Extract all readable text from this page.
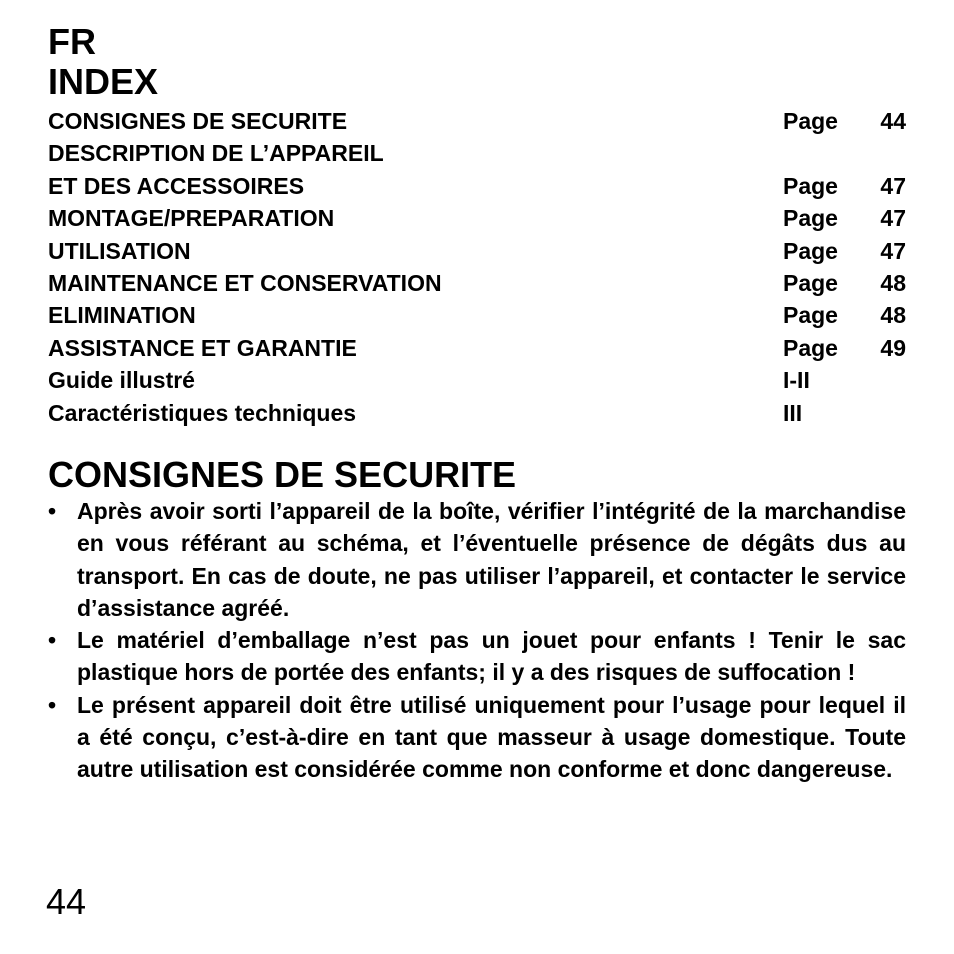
FR
INDEX
CONSIGNES DE SECURITE	Page 44
DESCRIPTION DE L’APPAREIL
ET DES ACCESSOIRES	Page 47
MONTAGE/PREPARATION	Page 47
UTILISATION	Page 47
MAINTENANCE ET CONSERVATION	Page 48
ELIMINATION	Page 48
ASSISTANCE ET GARANTIE	Page 49
Guide illustré	I-II
Caractéristiques techniques	III
CONSIGNES DE SECURITE
• Après avoir sorti l’appareil de la boîte, vérifier l’intégrité de la marchandise en vous référant au schéma, et l’éventuelle présence de dégâts dus au transport. En cas de doute, ne pas utiliser l’appareil, et contacter le service d’assistance agréé.
• Le matériel d’emballage n’est pas un jouet pour enfants ! Tenir le sac plastique hors de portée des enfants; il y a des risques de suffocation !
• Le présent appareil doit être utilisé uniquement pour l’usage pour lequel il a été conçu, c’est-à-dire en tant que masseur à usage domestique. Toute autre utilisation est considérée comme non conforme et donc dangereuse.
44
